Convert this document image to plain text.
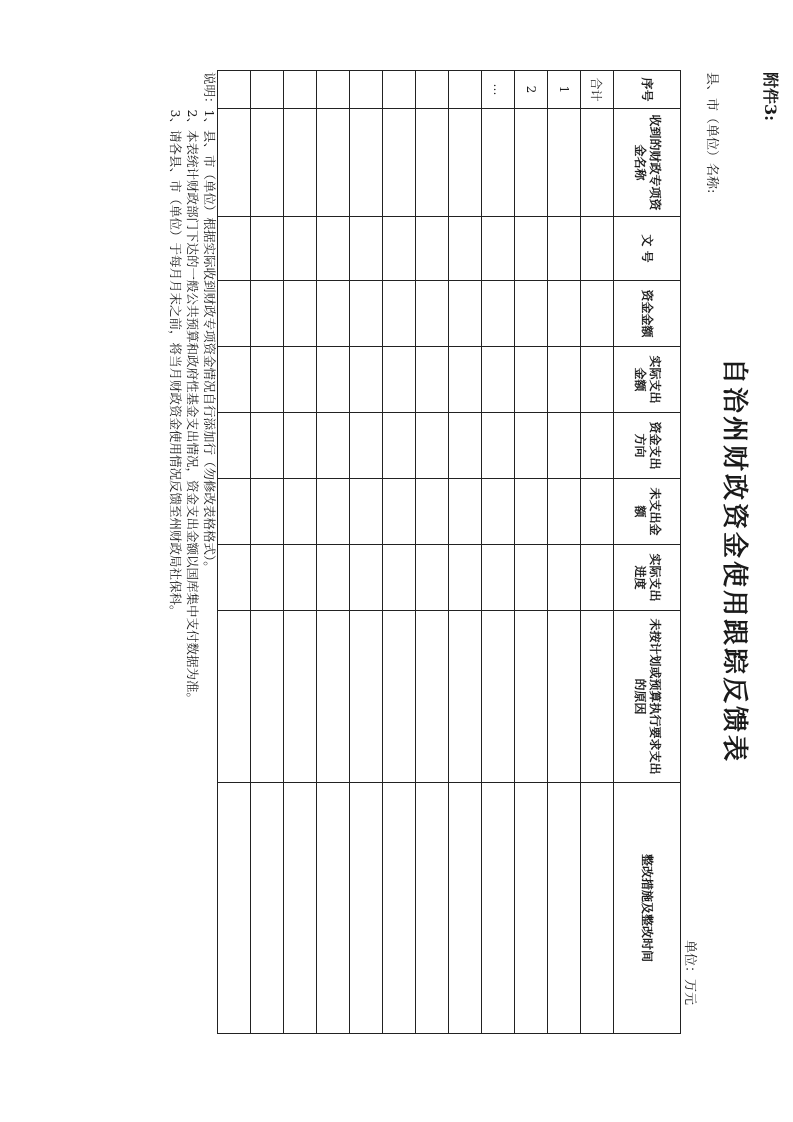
附件3:
自治州财政资金使用跟踪反馈表
县、市（单位）名称:
单位：万元
序号	收到的财政专项资金名称	文 号	资金金额	实际支出金额	资金支出方向	未支出金额	实际支出进度	未按计划或预算执行要求支出的原因	整改措施及整改时间
合计									
1									
2									
…									

说明：1、县、市（单位）根据实际收到财政专项资金情况自行添加行（勿修改表格格式）。
　　　2、本表统计财政部门下达的一般公共预算和政府性基金支出情况，资金支出金额以国库集中支付数据为准。
　　　3、请各县、市（单位）于每月月末之前，将当月财政资金使用情况反馈至州财政局社保科。
